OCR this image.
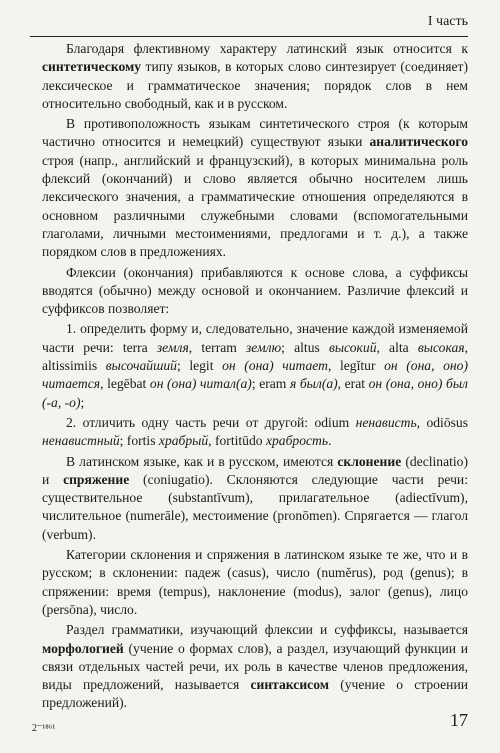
I часть

Благодаря флективному характеру латинский язык относится к синтетическому типу языков, в которых слово синтезирует (соединяет) лексическое и грамматическое значения; порядок слов в нем относительно свободный, как и в русском.

В противоположность языкам синтетического строя (к которым частично относится и немецкий) существуют языки аналитического строя (напр., английский и французский), в которых минимальна роль флексий (окончаний) и слово является обычно носителем лишь лексического значения, а грамматические отношения определяются в основном различными служебными словами (вспомогательными глаголами, личными местоимениями, предлогами и т. д.), а также порядком слов в предложениях.

Флексии (окончания) прибавляются к основе слова, а суффиксы вводятся (обычно) между основой и окончанием. Различие флексий и суффиксов позволяет:

1. определить форму и, следовательно, значение каждой изменяемой части речи: terra земля, terram землю; altus высокий, alta высокая, altissimiis высочайший; legit он (она) читает, legĭtur он (она, оно) читается, legēbat он (она) читал(а); eram я был(а), erat он (она, оно) был (-а, -о);

2. отличить одну часть речи от другой: odium ненависть, odiōsus ненавистный; fortis храбрый, fortitūdo храбрость.

В латинском языке, как и в русском, имеются склонение (declinatio) и спряжение (coniugatio). Склоняются следующие части речи: существительное (substantīvum), прилагательное (adiectīvum), числительное (numerāle), местоимение (pronōmen). Спрягается — глагол (verbum).

Категории склонения и спряжения в латинском языке те же, что и в русском; в склонении: падеж (casus), число (numĕrus), род (genus); в спряжении: время (tempus), наклонение (modus), залог (genus), лицо (persōna), число.

Раздел грамматики, изучающий флексии и суффиксы, называется морфологией (учение о формах слов), а раздел, изучающий функции и связи отдельных частей речи, их роль в качестве членов предложения, виды предложений, называется синтаксисом (учение о строении предложений).

2⁻¹⁸⁶¹	17
